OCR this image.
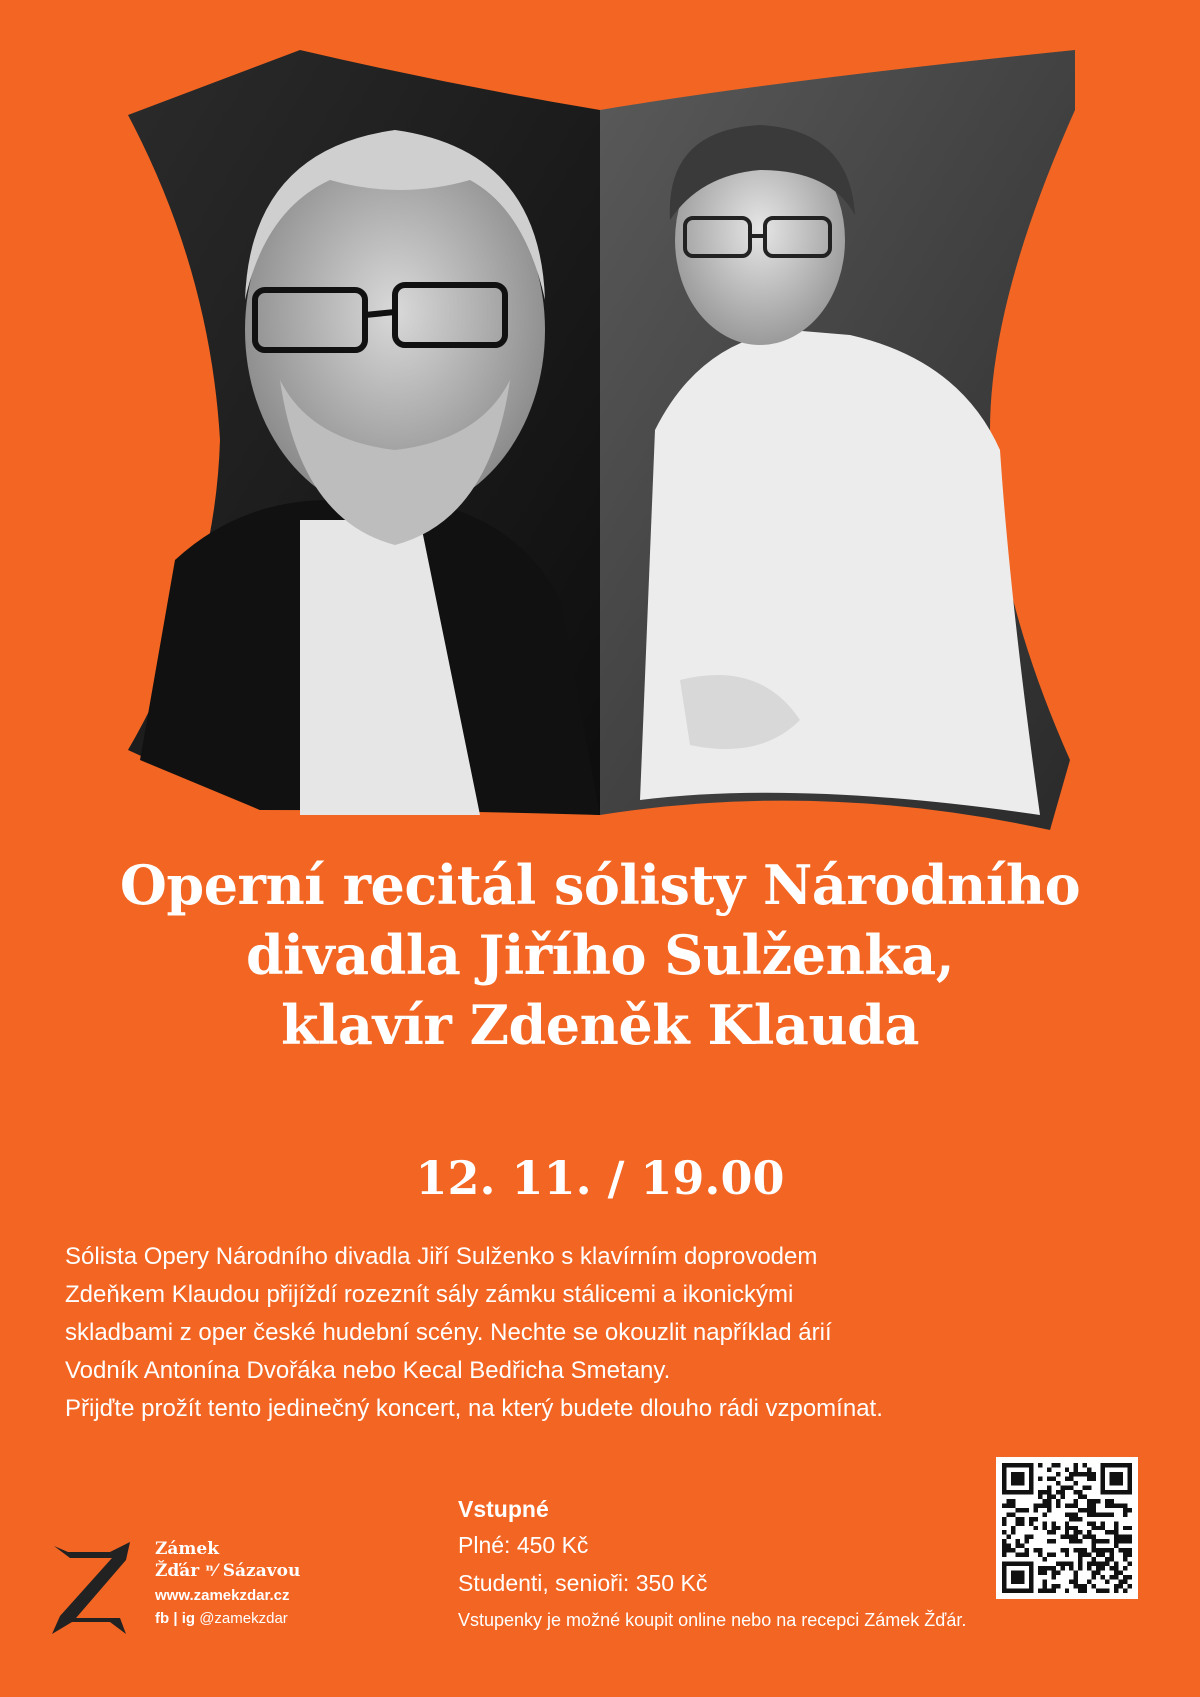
Operní recitál sólisty Národního
divadla Jiřího Sulženka,
klavír Zdeněk Klauda
12. 11. / 19.00
Sólista Opery Národního divadla Jiří Sulženko s klavírním doprovodem
Zdeňkem Klaudou přijíždí rozeznít sály zámku stálicemi a ikonickými
skladbami z oper české hudební scény. Nechte se okouzlit například árií
Vodník Antonína Dvořáka nebo Kecal Bedřicha Smetany.
Přijďte prožít tento jedinečný koncert, na který budete dlouho rádi vzpomínat.
Zámek
Žďár ⁿ⁄ Sázavou
www.zamekzdar.cz
fb | ig @zamekzdar
Vstupné
Plné: 450 Kč
Studenti, senioři: 350 Kč
Vstupenky je možné koupit online nebo na recepci Zámek Žďár.
